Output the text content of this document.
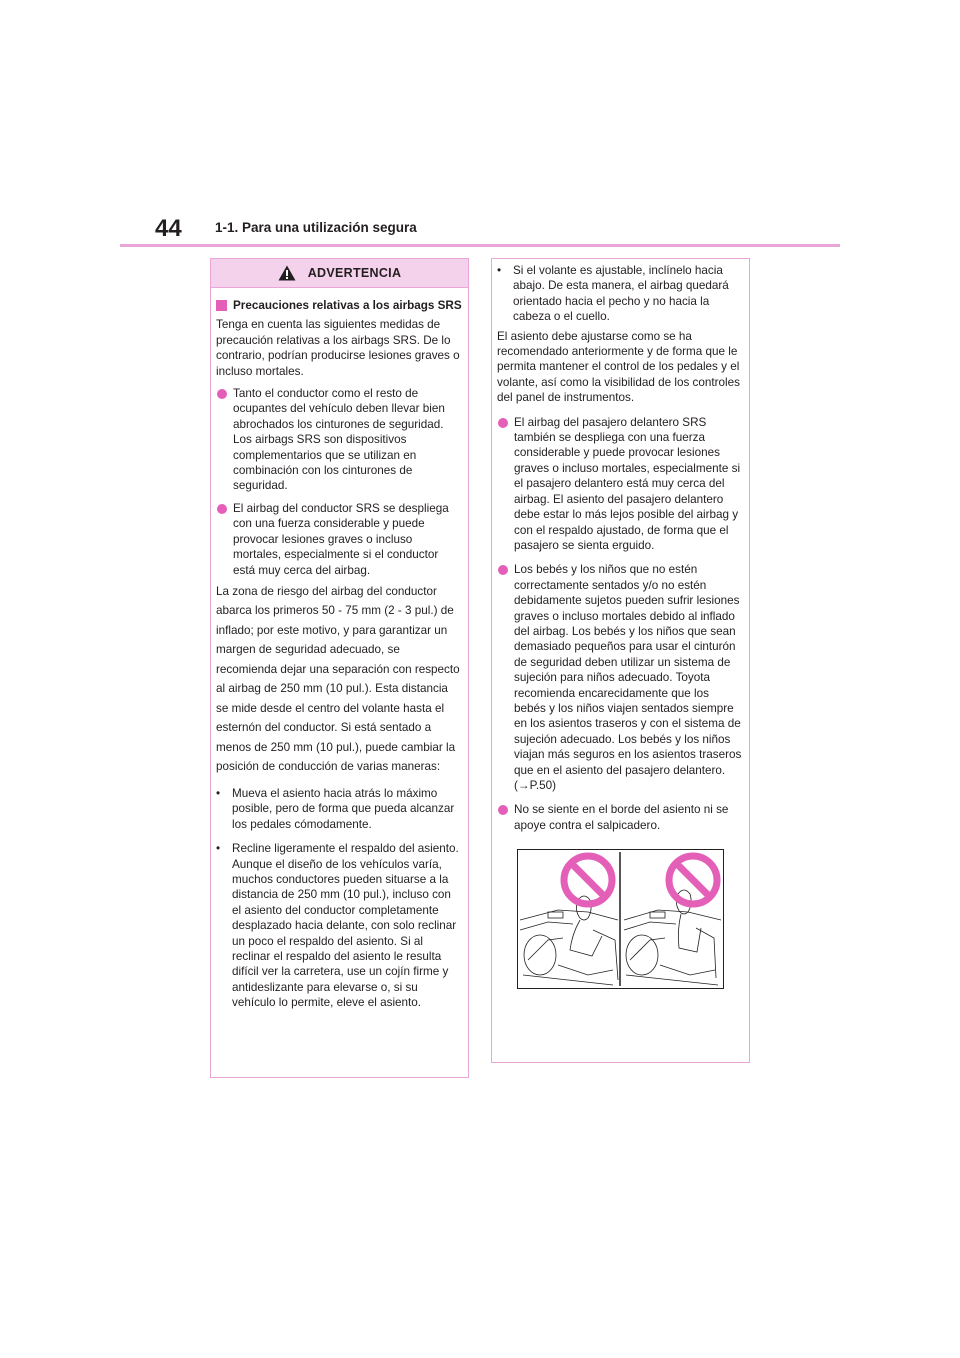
44 1-1. Para una utilización segura
ADVERTENCIA
Precauciones relativas a los airbags SRS

Tenga en cuenta las siguientes medidas de precaución relativas a los airbags SRS. De lo contrario, podrían producirse lesiones graves o incluso mortales.

Tanto el conductor como el resto de ocupantes del vehículo deben llevar bien abrochados los cinturones de seguridad.
Los airbags SRS son dispositivos complementarios que se utilizan en combinación con los cinturones de seguridad.
El airbag del conductor SRS se despliega con una fuerza considerable y puede provocar lesiones graves o incluso mortales, especialmente si el conductor está muy cerca del airbag.

La zona de riesgo del airbag del conductor abarca los primeros 50 - 75 mm (2 - 3 pul.) de inflado; por este motivo, y para garantizar un margen de seguridad adecuado, se recomienda dejar una separación con respecto al airbag de 250 mm (10 pul.). Esta distancia se mide desde el centro del volante hasta el esternón del conductor. Si está sentado a menos de 250 mm (10 pul.), puede cambiar la posición de conducción de varias maneras:

•	Mueva el asiento hacia atrás lo máximo posible, pero de forma que pueda alcanzar los pedales cómodamente.
•	Recline ligeramente el respaldo del asiento. Aunque el diseño de los vehículos varía, muchos conductores pueden situarse a la distancia de 250 mm (10 pul.), incluso con el asiento del conductor completamente desplazado hacia delante, con solo reclinar un poco el respaldo del asiento. Si al reclinar el respaldo del asiento le resulta difícil ver la carretera, use un cojín firme y antideslizante para elevarse o, si su vehículo lo permite, eleve el asiento.
•	Si el volante es ajustable, inclínelo hacia abajo. De esta manera, el airbag quedará orientado hacia el pecho y no hacia la cabeza o el cuello.

El asiento debe ajustarse como se ha recomendado anteriormente y de forma que le permita mantener el control de los pedales y el volante, así como la visibilidad de los controles del panel de instrumentos.

El airbag del pasajero delantero SRS también se despliega con una fuerza considerable y puede provocar lesiones graves o incluso mortales, especialmente si el pasajero delantero está muy cerca del airbag. El asiento del pasajero delantero debe estar lo más lejos posible del airbag y con el respaldo ajustado, de forma que el pasajero se sienta erguido.
Los bebés y los niños que no estén correctamente sentados y/o no estén debidamente sujetos pueden sufrir lesiones graves o incluso mortales debido al inflado del airbag. Los bebés y los niños que sean demasiado pequeños para usar el cinturón de seguridad deben utilizar un sistema de sujeción para niños adecuado. Toyota recomienda encarecidamente que los bebés y los niños viajen sentados siempre en los asientos traseros y con el sistema de sujeción adecuado. Los bebés y los niños viajan más seguros en los asientos traseros que en el asiento del pasajero delantero. (→P.50)
No se siente en el borde del asiento ni se apoye contra el salpicadero.
